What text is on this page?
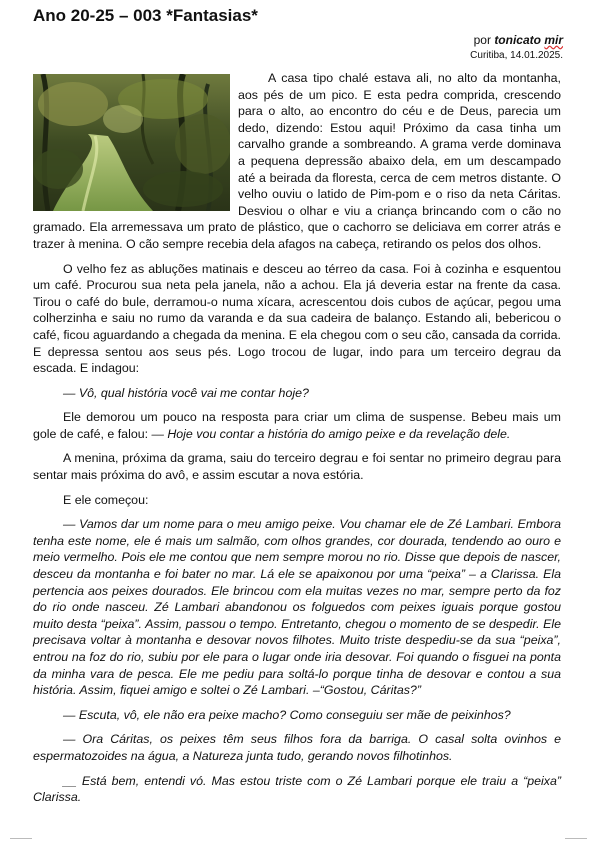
Ano 20-25 – 003 *Fantasias*
por tonicato mir
Curitiba, 14.01.2025.

A casa tipo chalé estava ali, no alto da montanha, aos pés de um pico. E esta pedra comprida, crescendo para o alto, ao encontro do céu e de Deus, parecia um dedo, dizendo: Estou aqui! Próximo da casa tinha um carvalho grande a sombreando. A grama verde dominava a pequena depressão abaixo dela, em um descampado até a beirada da floresta, cerca de cem metros distante. O velho ouviu o latido de Pim-pom e o riso da neta Cáritas. Desviou o olhar e viu a criança brincando com o cão no gramado. Ela arremessava um prato de plástico, que o cachorro se deliciava em correr atrás e trazer à menina. O cão sempre recebia dela afagos na cabeça, retirando os pelos dos olhos.

O velho fez as abluções matinais e desceu ao térreo da casa. Foi à cozinha e esquentou um café. Procurou sua neta pela janela, não a achou. Ela já deveria estar na frente da casa. Tirou o café do bule, derramou-o numa xícara, acrescentou dois cubos de açúcar, pegou uma colherzinha e saiu no rumo da varanda e da sua cadeira de balanço. Estando ali, bebericou o café, ficou aguardando a chegada da menina. E ela chegou com o seu cão, cansada da corrida. E depressa sentou aos seus pés. Logo trocou de lugar, indo para um terceiro degrau da escada. E indagou:

— Vô, qual história você vai me contar hoje?

Ele demorou um pouco na resposta para criar um clima de suspense. Bebeu mais um gole de café, e falou: — Hoje vou contar a história do amigo peixe e da revelação dele.

A menina, próxima da grama, saiu do terceiro degrau e foi sentar no primeiro degrau para sentar mais próxima do avô, e assim escutar a nova estória.

E ele começou:

— Vamos dar um nome para o meu amigo peixe. Vou chamar ele de Zé Lambari. Embora tenha este nome, ele é mais um salmão, com olhos grandes, cor dourada, tendendo ao ouro e meio vermelho. Pois ele me contou que nem sempre morou no rio. Disse que depois de nascer, desceu da montanha e foi bater no mar. Lá ele se apaixonou por uma “peixa” – a Clarissa. Ela pertencia aos peixes dourados. Ele brincou com ela muitas vezes no mar, sempre perto da foz do rio onde nasceu. Zé Lambari abandonou os folguedos com peixes iguais porque gostou muito desta “peixa”. Assim, passou o tempo. Entretanto, chegou o momento de se despedir. Ele precisava voltar à montanha e desovar novos filhotes. Muito triste despediu-se da sua “peixa”, entrou na foz do rio, subiu por ele para o lugar onde iria desovar. Foi quando o fisguei na ponta da minha vara de pesca. Ele me pediu para soltá-lo porque tinha de desovar e contou a sua história. Assim, fiquei amigo e soltei o Zé Lambari. –“Gostou, Cáritas?”

— Escuta, vô, ele não era peixe macho? Como conseguiu ser mãe de peixinhos?

— Ora Cáritas, os peixes têm seus filhos fora da barriga. O casal solta ovinhos e espermatozoides na água, a Natureza junta tudo, gerando novos filhotinhos.

__ Está bem, entendi vó. Mas estou triste com o Zé Lambari porque ele traiu a “peixa” Clarissa.
